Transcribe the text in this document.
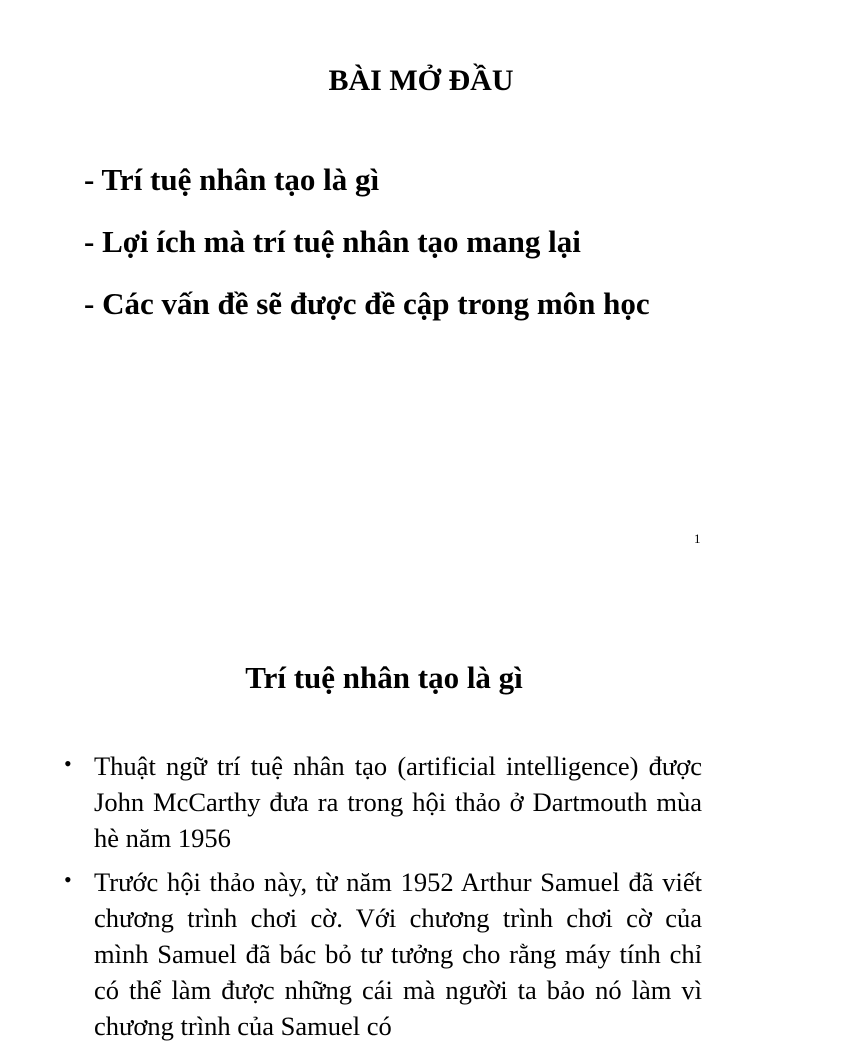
BÀI MỞ ĐẦU
- Trí tuệ nhân tạo là gì
- Lợi ích mà trí tuệ nhân tạo mang lại
- Các vấn đề sẽ được đề cập trong môn học
1
Trí tuệ nhân tạo là gì
• Thuật ngữ trí tuệ nhân tạo (artificial intelligence) được John McCarthy đưa ra trong hội thảo ở Dartmouth mùa hè năm 1956
• Trước hội thảo này, từ năm 1952 Arthur Samuel đã viết chương trình chơi cờ. Với chương trình chơi cờ của mình Samuel đã bác bỏ tư tưởng cho rằng máy tính chỉ có thể làm được những cái mà người ta bảo nó làm vì chương trình của Samuel có
